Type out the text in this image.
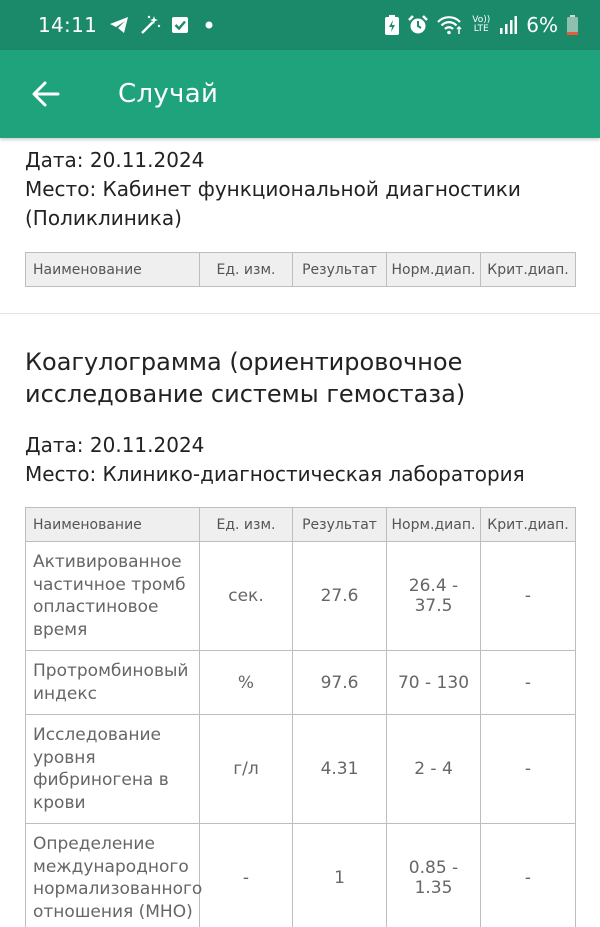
14:11	Vo))
LTE 6%
Случай
Дата: 20.11.2024
Место: Кабинет функциональной диагностики (Поликлиника)
Наименование	Ед. изм.	Результат	Норм.диап.	Крит.диап.
Коагулограмма (ориентировочное исследование системы гемостаза)
Дата: 20.11.2024
Место: Клинико-диагностическая лаборатория
Наименование	Ед. изм.	Результат	Норм.диап.	Крит.диап.
Активированное частичное тромб опластиновое время	сек.	27.6	26.4 - 37.5	-
Протромбиновый индекс	%	97.6	70 - 130	-
Исследование уровня фибриногена в крови	г/л	4.31	2 - 4	-
Определение международного нормализованного отношения (МНО)	-	1	0.85 - 1.35	-
